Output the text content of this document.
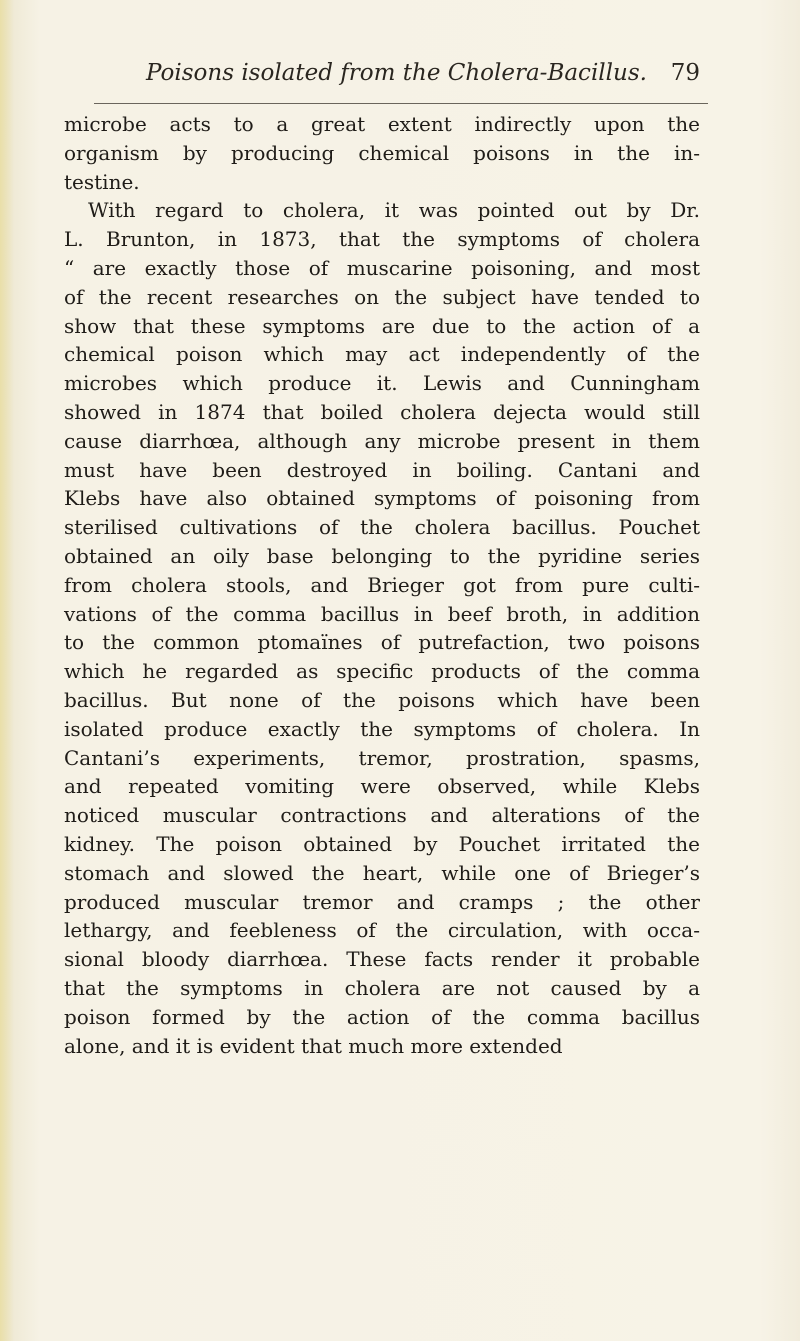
Poisons isolated from the Cholera-Bacillus. 79
microbe acts to a great extent indirectly upon the
organism by producing chemical poisons in the in-
testine.
With regard to cholera, it was pointed out by Dr.
L. Brunton, in 1873, that the symptoms of cholera
“ are exactly those of muscarine poisoning, and most
of the recent researches on the subject have tended to
show that these symptoms are due to the action of a
chemical poison which may act independently of the
microbes which produce it. Lewis and Cunningham
showed in 1874 that boiled cholera dejecta would still
cause diarrhœa, although any microbe present in them
must have been destroyed in boiling. Cantani and
Klebs have also obtained symptoms of poisoning from
sterilised cultivations of the cholera bacillus. Pouchet
obtained an oily base belonging to the pyridine series
from cholera stools, and Brieger got from pure culti-
vations of the comma bacillus in beef broth, in addition
to the common ptomaïnes of putrefaction, two poisons
which he regarded as specific products of the comma
bacillus. But none of the poisons which have been
isolated produce exactly the symptoms of cholera. In
Cantani’s experiments, tremor, prostration, spasms,
and repeated vomiting were observed, while Klebs
noticed muscular contractions and alterations of the
kidney. The poison obtained by Pouchet irritated the
stomach and slowed the heart, while one of Brieger’s
produced muscular tremor and cramps ; the other
lethargy, and feebleness of the circulation, with occa-
sional bloody diarrhœa. These facts render it probable
that the symptoms in cholera are not caused by a
poison formed by the action of the comma bacillus
alone, and it is evident that much more extended
